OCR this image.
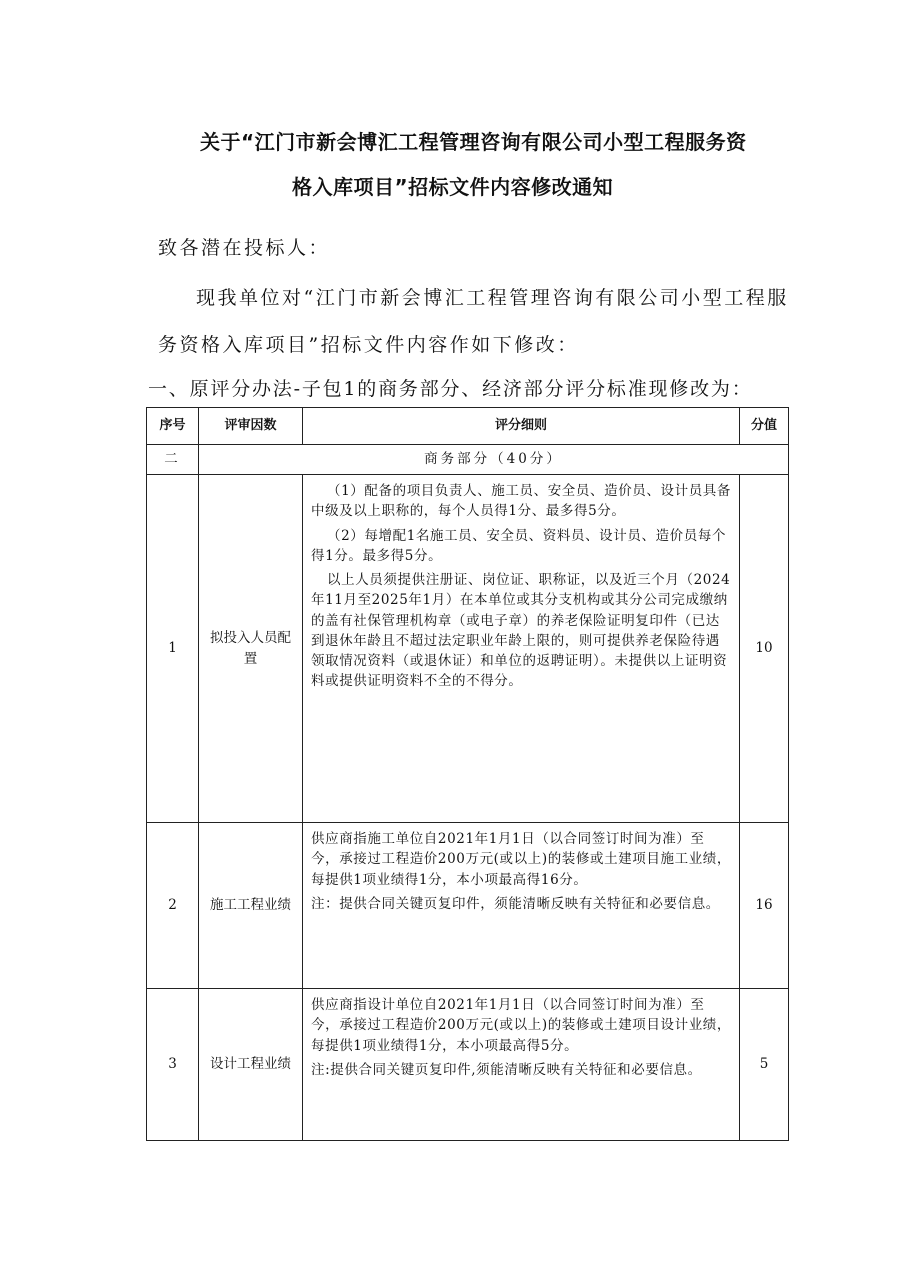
关于“江门市新会博汇工程管理咨询有限公司小型工程服务资
格入库项目”招标文件内容修改通知
致各潜在投标人：
现我单位对“江门市新会博汇工程管理咨询有限公司小型工程服
务资格入库项目”招标文件内容作如下修改：
一、原评分办法-子包1的商务部分、经济部分评分标准现修改为：
序号	评审因数	评分细则	分值
二	商务部分（40分）		
1	拟投入人员配置	（1）配备的项目负责人、施工员、安全员、造价员、设计员具备中级及以上职称的，每个人员得1分、最多得5分。

（2）每增配1名施工员、安全员、资料员、设计员、造价员每个得1分。最多得5分。

以上人员须提供注册证、岗位证、职称证，以及近三个月（2024年11月至2025年1月）在本单位或其分支机构或其分公司完成缴纳的盖有社保管理机构章（或电子章）的养老保险证明复印件（已达到退休年龄且不超过法定职业年龄上限的，则可提供养老保险待遇领取情况资料（或退休证）和单位的返聘证明）。未提供以上证明资料或提供证明资料不全的不得分。	10
2	施工工程业绩	供应商指施工单位自2021年1月1日（以合同签订时间为准）至今，承接过工程造价200万元(或以上)的装修或土建项目施工业绩，每提供1项业绩得1分，本小项最高得16分。

注：提供合同关键页复印件，须能清晰反映有关特征和必要信息。	16
3	设计工程业绩	供应商指设计单位自2021年1月1日（以合同签订时间为准）至今，承接过工程造价200万元(或以上)的装修或土建项目设计业绩，每提供1项业绩得1分，本小项最高得5分。

注:提供合同关键页复印件,须能清晰反映有关特征和必要信息。	5
